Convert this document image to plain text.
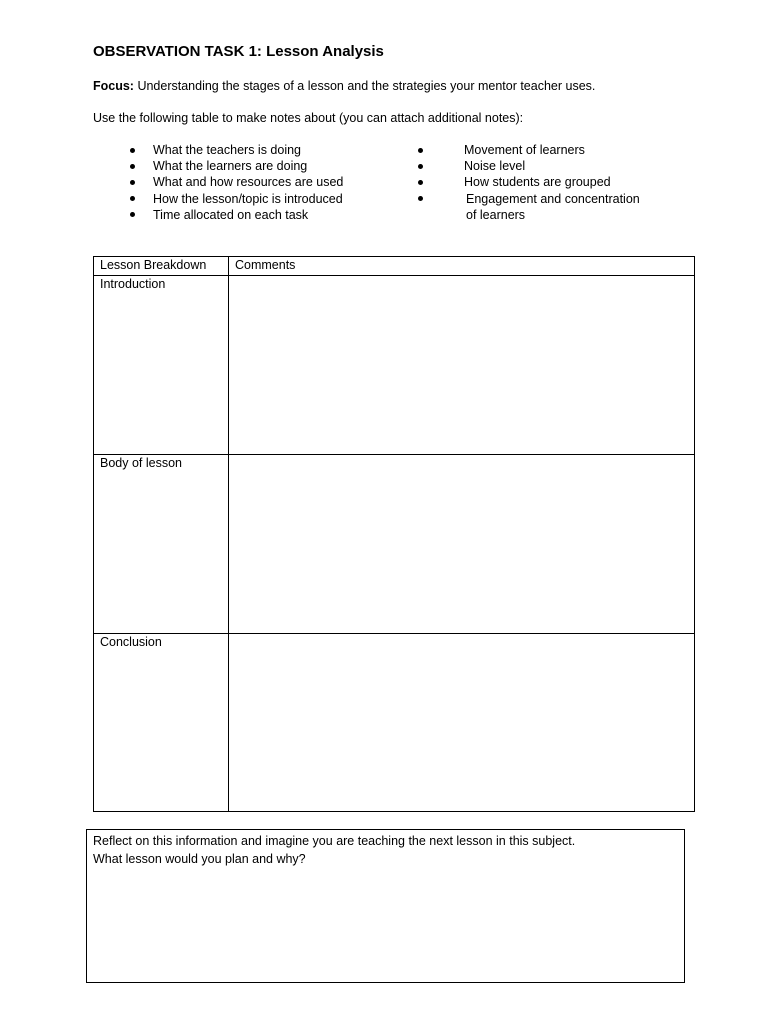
OBSERVATION TASK 1: Lesson Analysis
Focus: Understanding the stages of a lesson and the strategies your mentor teacher uses.
Use the following table to make notes about (you can attach additional notes):
What the teachers is doing
What the learners are doing
What and how resources are used
How the lesson/topic is introduced
Time allocated on each task
Movement of learners
Noise level
How students are grouped
Engagement and concentration
of learners
Lesson Breakdown	Comments
Introduction	
Body of lesson	
Conclusion	
Reflect on this information and imagine you are teaching the next lesson in this subject.
What lesson would you plan and why?
